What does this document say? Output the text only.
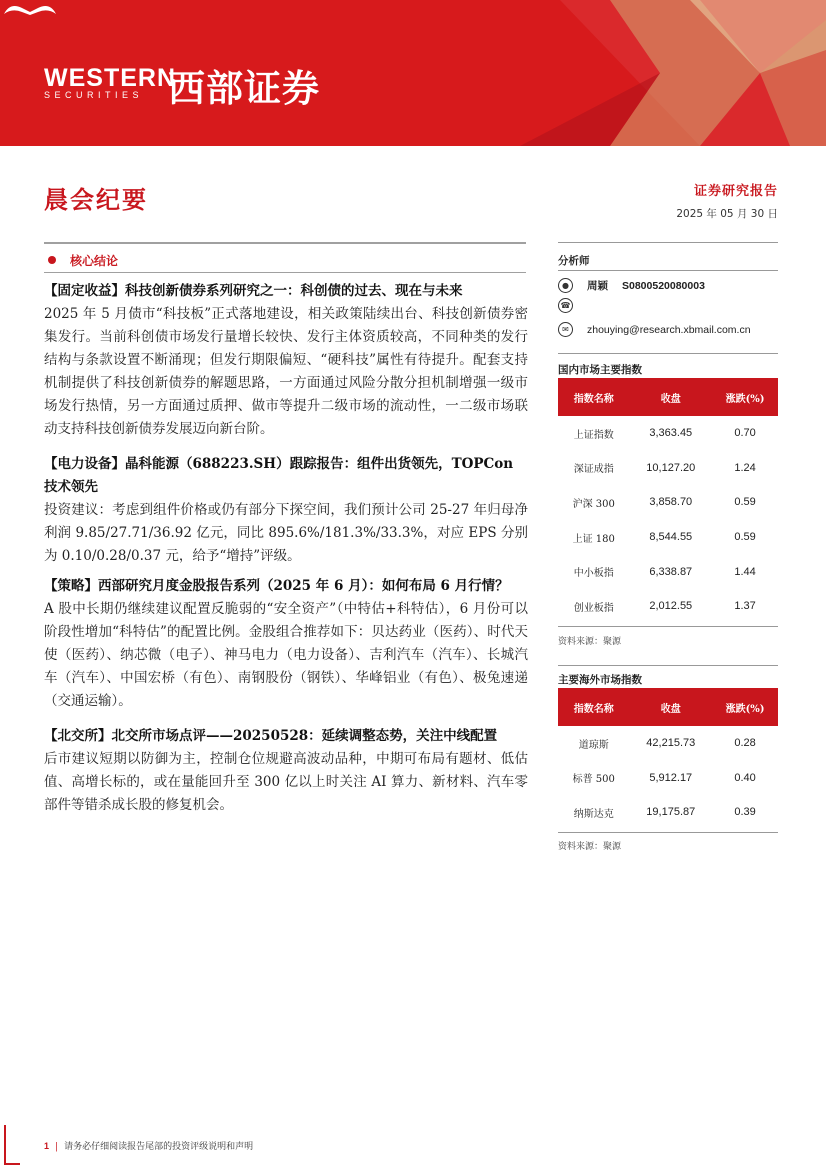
WESTERN
SECURITIES 西部证券
晨会纪要	证券研究报告
2025 年 05 月 30 日
核心结论
【固定收益】科技创新债券系列研究之一：科创债的过去、现在与未来
2025 年 5 月债市“科技板”正式落地建设，相关政策陆续出台、科技创新债券密集发行。当前科创债市场发行量增长较快、发行主体资质较高，不同种类的发行结构与条款设置不断涌现；但发行期限偏短、“硬科技”属性有待提升。配套支持机制提供了科技创新债券的解题思路，一方面通过风险分散分担机制增强一级市场发行热情，另一方面通过质押、做市等提升二级市场的流动性，一二级市场联动支持科技创新债券发展迈向新台阶。
【电力设备】晶科能源（688223.SH）跟踪报告：组件出货领先，TOPCon 技术领先
投资建议：考虑到组件价格或仍有部分下探空间，我们预计公司 25-27 年归母净利润 9.85/27.71/36.92 亿元，同比 895.6%/181.3%/33.3%，对应 EPS 分别为 0.10/0.28/0.37 元，给予“增持”评级。
【策略】西部研究月度金股报告系列（2025 年 6 月）：如何布局 6 月行情？
A 股中长期仍继续建议配置反脆弱的“安全资产”（中特估+科特估），6 月份可以阶段性增加“科特估”的配置比例。金股组合推荐如下：贝达药业（医药）、时代天使（医药）、纳芯微（电子）、神马电力（电力设备）、吉利汽车（汽车）、长城汽车（汽车）、中国宏桥（有色）、南钢股份（钢铁）、华峰铝业（有色）、极兔速递（交通运输）。
【北交所】北交所市场点评——20250528：延续调整态势，关注中线配置
后市建议短期以防御为主，控制仓位规避高波动品种，中期可布局有题材、低估值、高增长标的，或在量能回升至 300 亿以上时关注 AI 算力、新材料、汽车零部件等错杀成长股的修复机会。
分析师
●	周颖 S0800520080003
☎
✉	zhouying@research.xbmail.com.cn
国内市场主要指数
指数名称	收盘	涨跌(%)
上证指数	3,363.45	0.70
深证成指	10,127.20	1.24
沪深 300	3,858.70	0.59
上证 180	8,544.55	0.59
中小板指	6,338.87	1.44
创业板指	2,012.55	1.37
资料来源：聚源
主要海外市场指数
指数名称	收盘	涨跌(%)
道琼斯	42,215.73	0.28
标普 500	5,912.17	0.40
纳斯达克	19,175.87	0.39
资料来源：聚源
1 | 请务必仔细阅读报告尾部的投资评级说明和声明
